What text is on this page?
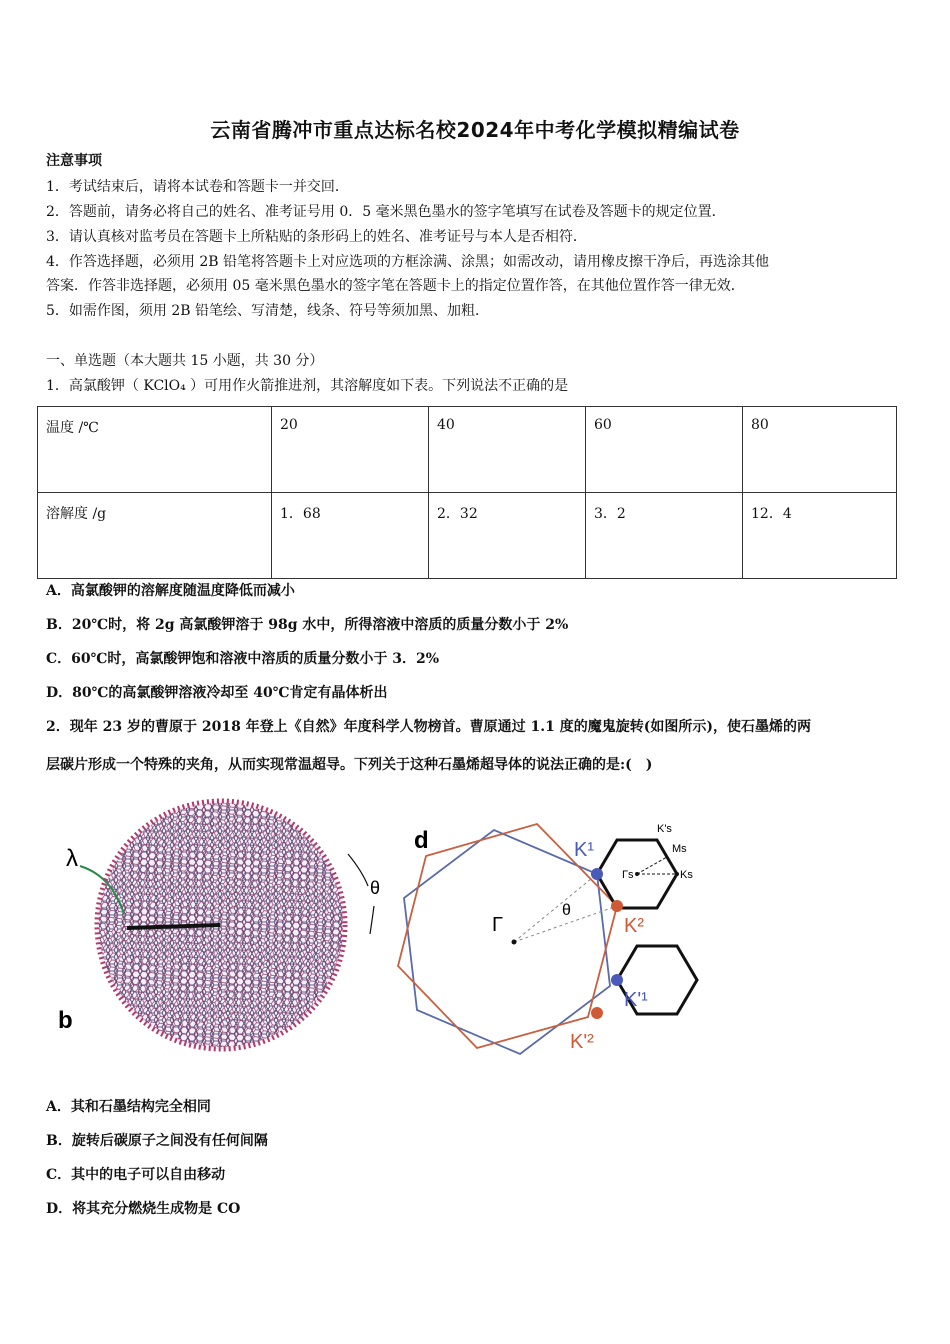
云南省腾冲市重点达标名校2024年中考化学模拟精编试卷
注意事项
1．考试结束后，请将本试卷和答题卡一并交回．
2．答题前，请务必将自己的姓名、准考证号用 0．5 毫米黑色墨水的签字笔填写在试卷及答题卡的规定位置．
3．请认真核对监考员在答题卡上所粘贴的条形码上的姓名、准考证号与本人是否相符．
4．作答选择题，必须用 2B 铅笔将答题卡上对应选项的方框涂满、涂黑；如需改动，请用橡皮擦干净后，再选涂其他
答案．作答非选择题，必须用 05 毫米黑色墨水的签字笔在答题卡上的指定位置作答，在其他位置作答一律无效．
5．如需作图，须用 2B 铅笔绘、写清楚，线条、符号等须加黑、加粗．
一、单选题（本大题共 15 小题，共 30 分）
1．高氯酸钾（ KClO₄ ）可用作火箭推进剂，其溶解度如下表。下列说法不正确的是
温度 /℃	20	40	60	80
溶解度 /g	1．68	2．32	3．2	12．4
A．高氯酸钾的溶解度随温度降低而减小
B．20℃时，将 2g 高氯酸钾溶于 98g 水中，所得溶液中溶质的质量分数小于 2%
C．60℃时，高氯酸钾饱和溶液中溶质的质量分数小于 3．2%
D．80℃的高氯酸钾溶液冷却至 40℃肯定有晶体析出
2．现年 23 岁的曹原于 2018 年登上《自然》年度科学人物榜首。曹原通过 1.1 度的魔鬼旋转(如图所示)，使石墨烯的两
层碳片形成一个特殊的夹角，从而实现常温超导。下列关于这种石墨烯超导体的说法正确的是:(　)
λ
θ
b
d
Γ
θ
K¹
K²
K'¹
K'²
Γs
Ms
Ks
K's
A．其和石墨结构完全相同
B．旋转后碳原子之间没有任何间隔
C．其中的电子可以自由移动
D．将其充分燃烧生成物是 CO
